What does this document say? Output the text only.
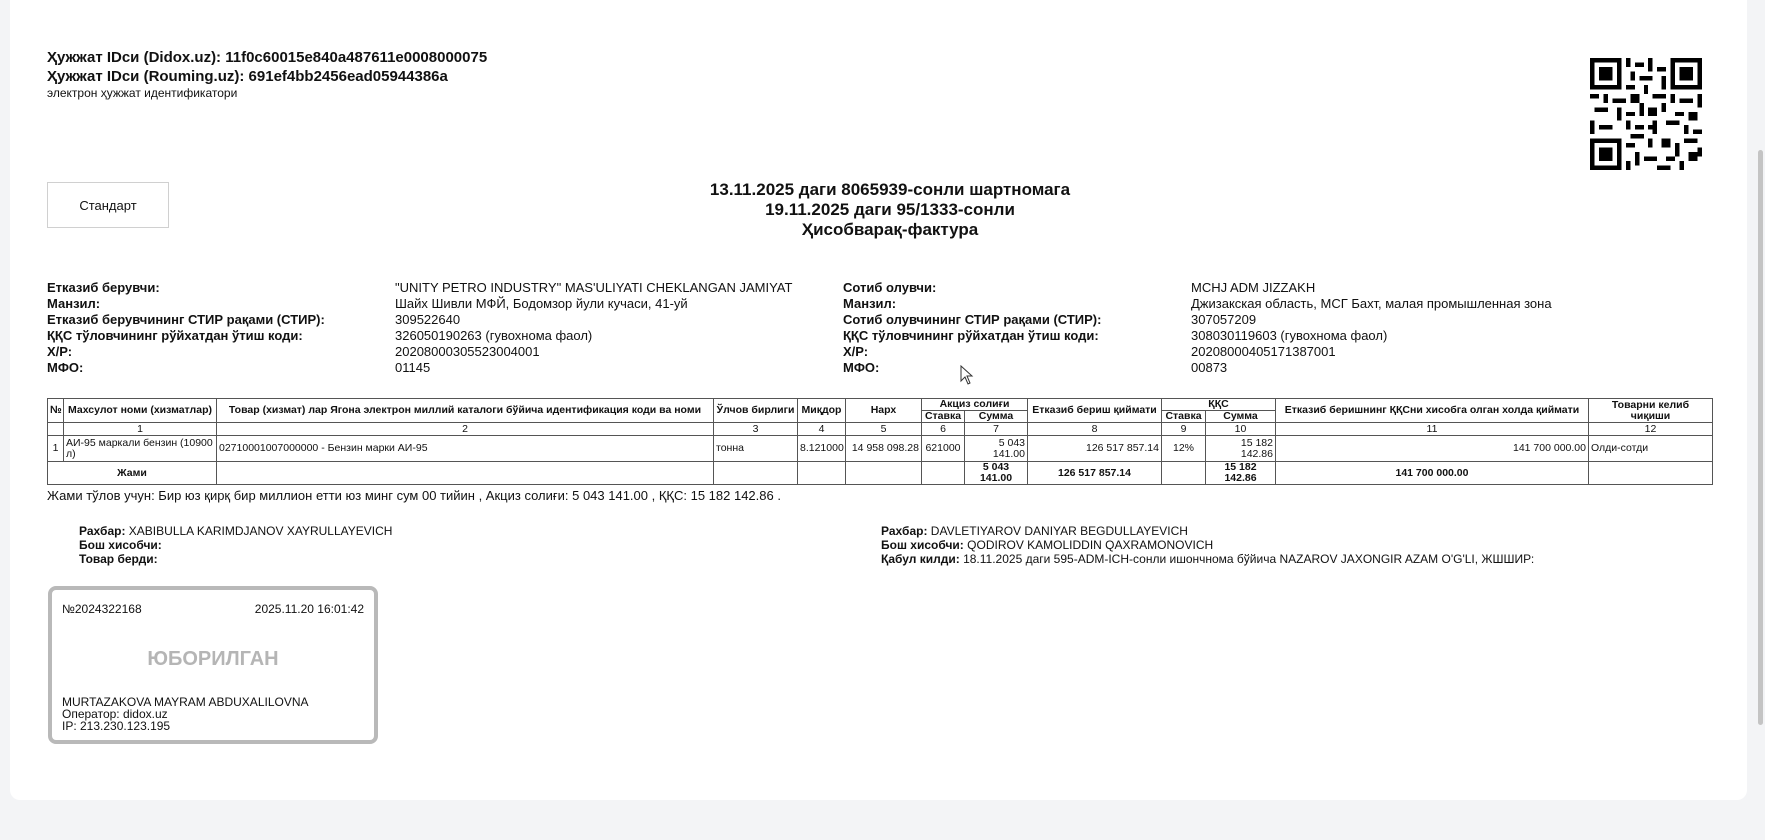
Ҳужжат IDси (Didox.uz): 11f0c60015e840a487611e0008000075
Ҳужжат IDси (Rouming.uz): 691ef4bb2456ead05944386a
электрон ҳужжат идентификатори
Стандарт
13.11.2025 даги 8065939-сонли шартномага
19.11.2025 даги 95/1333-сонли
Ҳисобварақ-фактура
Етказиб берувчи:	"UNITY PETRO INDUSTRY" MAS'ULIYATI CHEKLANGAN JAMIYAT
Манзил:	Шайх Шивли МФЙ, Бодомзор йули кучаси, 41-уй
Етказиб берувчининг СТИР рақами (СТИР):	309522640
ҚҚС тўловчининг рўйхатдан ўтиш коди:	326050190263 (гувохнома фаол)
Х/Р:	20208000305523004001
МФО:	01145
Сотиб олувчи:	MCHJ ADM JIZZAKH
Манзил:	Джизакская область, МСГ Бахт, малая промышленная зона
Сотиб олувчининг СТИР рақами (СТИР):	307057209
ҚҚС тўловчининг рўйхатдан ўтиш коди:	308030119603 (гувохнома фаол)
Х/Р:	20208000405171387001
МФО:	00873
№	Махсулот номи (хизматлар)	Товар (хизмат) лар Ягона электрон миллий каталоги бўйича идентификация коди ва номи	Ўлчов бирлиги	Миқдор	Нарх	Акциз солиғи		Етказиб бериш қиймати	ҚҚС		Етказиб беришнинг ҚҚСни хисобга олган холда қиймати	Товарни келиб чиқиши
						Ставка	Сумма		Ставка	Сумма		
	1	2	3	4	5	6	7	8	9	10	11	12
1	АИ-95 маркали бензин (10900 л)	02710001007000000 - Бензин марки АИ-95	тонна	8.121000	14 958 098.28	621000	5 043 141.00	126 517 857.14	12%	15 182 142.86	141 700 000.00	Олди-сотди
Жами							5 043 141.00	126 517 857.14		15 182 142.86	141 700 000.00	
Жами тўлов учун: Бир юз қирқ бир миллион етти юз минг сум 00 тийин , Акциз солиғи: 5 043 141.00 , ҚҚС: 15 182 142.86 .
Рахбар: XABIBULLA KARIMDJANOV XAYRULLAYEVICH
Бош хисобчи:
Товар берди:
Рахбар: DAVLETIYAROV DANIYAR BEGDULLAYEVICH
Бош хисобчи: QODIROV KAMOLIDDIN QAXRAMONOVICH
Қабул килди: 18.11.2025 даги 595-ADM-ICH-сонли ишончнома бўйича NAZAROV JAXONGIR AZAM O'G'LI, ЖШШИР:
№2024322168	2025.11.20 16:01:42
ЮБОРИЛГАН
MURTAZAKOVA MAYRAM ABDUXALILOVNA
Оператор: didox.uz
IP: 213.230.123.195
